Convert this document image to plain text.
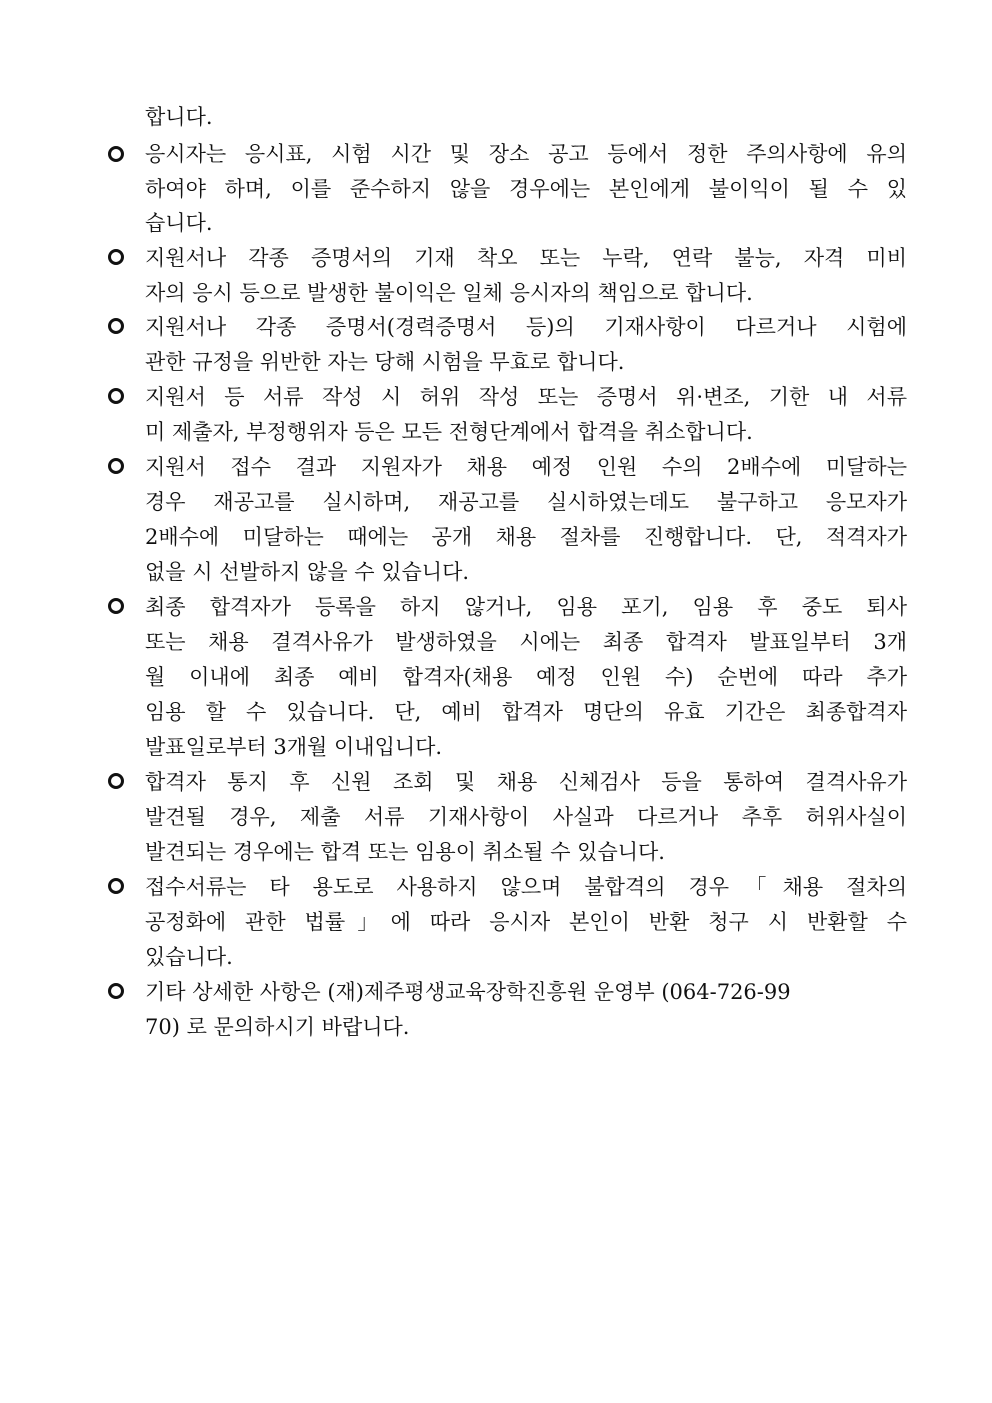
합니다.
응시자는 응시표, 시험 시간 및 장소 공고 등에서 정한 주의사항에 유의
하여야 하며, 이를 준수하지 않을 경우에는 본인에게 불이익이 될 수 있
습니다.
지원서나 각종 증명서의 기재 착오 또는 누락, 연락 불능, 자격 미비
자의 응시 등으로 발생한 불이익은 일체 응시자의 책임으로 합니다.
지원서나 각종 증명서(경력증명서 등)의 기재사항이 다르거나 시험에
관한 규정을 위반한 자는 당해 시험을 무효로 합니다.
지원서 등 서류 작성 시 허위 작성 또는 증명서 위·변조, 기한 내 서류
미 제출자, 부정행위자 등은 모든 전형단계에서 합격을 취소합니다.
지원서 접수 결과 지원자가 채용 예정 인원 수의 2배수에 미달하는
경우 재공고를 실시하며, 재공고를 실시하였는데도 불구하고 응모자가
2배수에 미달하는 때에는 공개 채용 절차를 진행합니다. 단, 적격자가
없을 시 선발하지 않을 수 있습니다.
최종 합격자가 등록을 하지 않거나, 임용 포기, 임용 후 중도 퇴사
또는 채용 결격사유가 발생하였을 시에는 최종 합격자 발표일부터 3개
월 이내에 최종 예비 합격자(채용 예정 인원 수) 순번에 따라 추가
임용 할 수 있습니다. 단, 예비 합격자 명단의 유효 기간은 최종합격자
발표일로부터 3개월 이내입니다.
합격자 통지 후 신원 조회 및 채용 신체검사 등을 통하여 결격사유가
발견될 경우, 제출 서류 기재사항이 사실과 다르거나 추후 허위사실이
발견되는 경우에는 합격 또는 임용이 취소될 수 있습니다.
접수서류는 타 용도로 사용하지 않으며 불합격의 경우「채용 절차의
공정화에 관한 법률」에 따라 응시자 본인이 반환 청구 시 반환할 수
있습니다.
기타 상세한 사항은 (재)제주평생교육장학진흥원 운영부 (064-726-99
70) 로 문의하시기 바랍니다.
